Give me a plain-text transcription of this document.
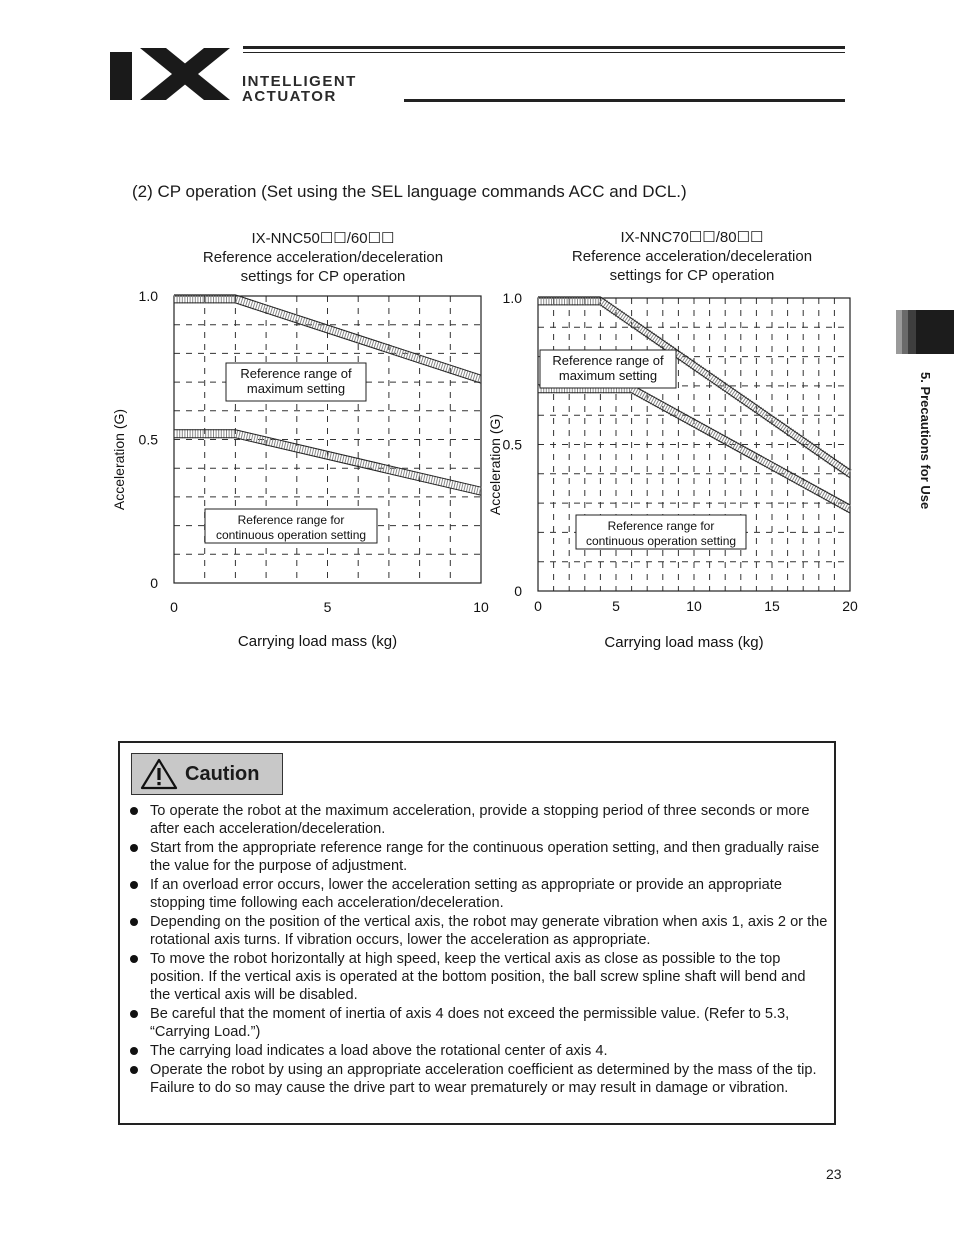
INTELLIGENT
ACTUATOR
(2) CP operation (Set using the SEL language commands ACC and DCL.)
5. Precautions for Use
IX-NNC50☐☐/60☐☐
Reference acceleration/deceleration
settings for CP operation
IX-NNC70☐☐/80☐☐
Reference acceleration/deceleration
settings for CP operation
Reference range of
maximum setting
Reference range for
continuous operation setting
0	5	10
0
0.5
1.0
Carrying load mass (kg)
Acceleration (G)
Reference range of
maximum setting
Reference range for
continuous operation setting
0	5	10	15	20
0
0.5
1.0
Carrying load mass (kg)
Acceleration (G)
Caution
To operate the robot at the maximum acceleration, provide a stopping period of three seconds or more after each acceleration/deceleration.
Start from the appropriate reference range for the continuous operation setting, and then gradually raise the value for the purpose of adjustment.
If an overload error occurs, lower the acceleration setting as appropriate or provide an appropriate stopping time following each acceleration/deceleration.
Depending on the position of the vertical axis, the robot may generate vibration when axis 1, axis 2 or the rotational axis turns. If vibration occurs, lower the acceleration as appropriate.
To move the robot horizontally at high speed, keep the vertical axis as close as possible to the top position. If the vertical axis is operated at the bottom position, the ball screw spline shaft will bend and the vertical axis will be disabled.
Be careful that the moment of inertia of axis 4 does not exceed the permissible value. (Refer to 5.3, “Carrying Load.”)
The carrying load indicates a load above the rotational center of axis 4.
Operate the robot by using an appropriate acceleration coefficient as determined by the mass of the tip. Failure to do so may cause the drive part to wear prematurely or may result in damage or vibration.
23
